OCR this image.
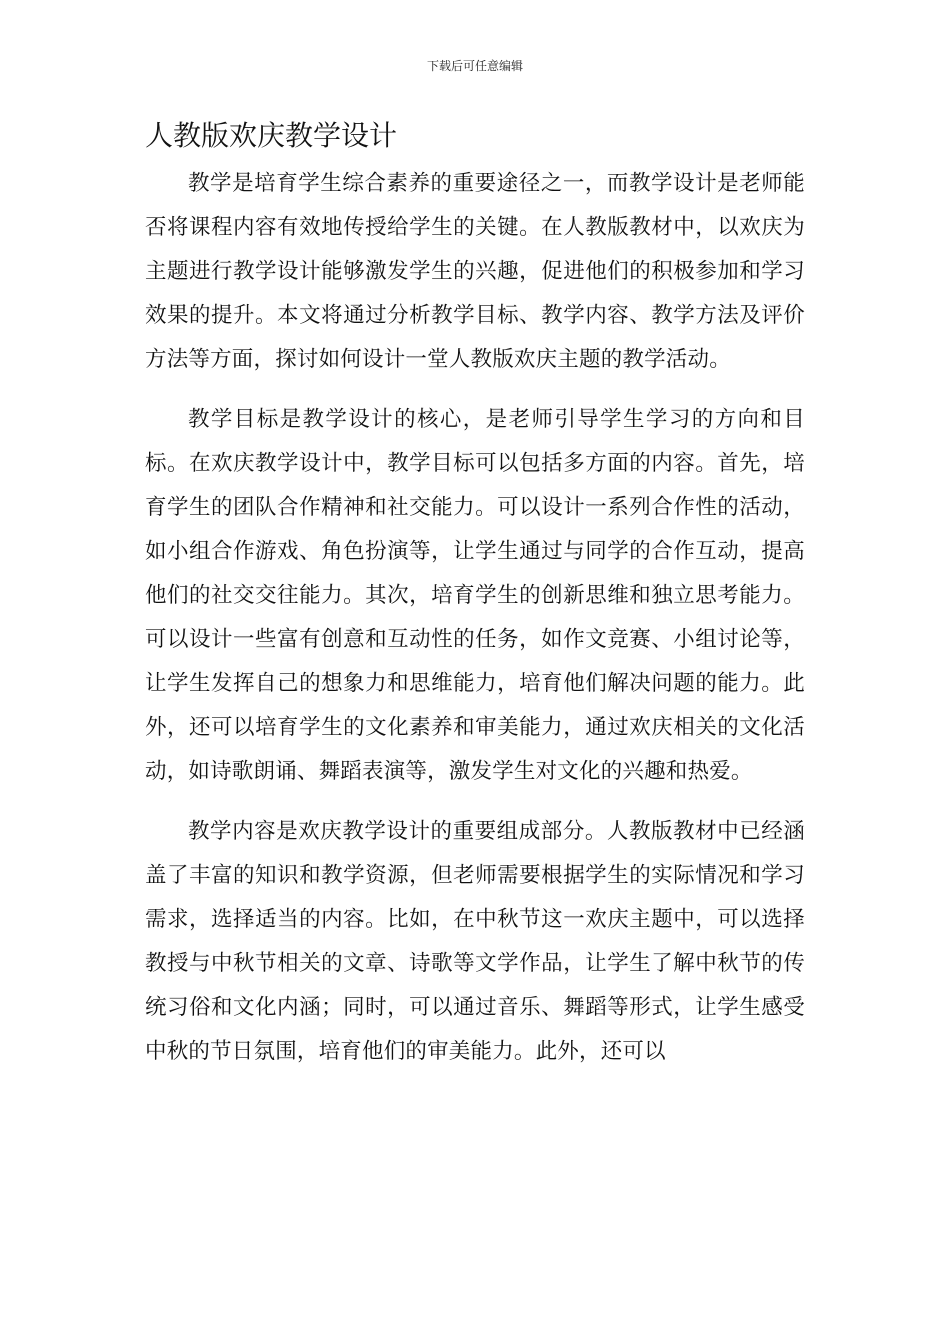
下载后可任意编辑
人教版欢庆教学设计

教学是培育学生综合素养的重要途径之一，而教学设计是老师能否将课程内容有效地传授给学生的关键。在人教版教材中，以欢庆为主题进行教学设计能够激发学生的兴趣，促进他们的积极参加和学习效果的提升。本文将通过分析教学目标、教学内容、教学方法及评价方法等方面，探讨如何设计一堂人教版欢庆主题的教学活动。

教学目标是教学设计的核心，是老师引导学生学习的方向和目标。在欢庆教学设计中，教学目标可以包括多方面的内容。首先，培育学生的团队合作精神和社交能力。可以设计一系列合作性的活动，如小组合作游戏、角色扮演等，让学生通过与同学的合作互动，提高他们的社交交往能力。其次，培育学生的创新思维和独立思考能力。可以设计一些富有创意和互动性的任务，如作文竞赛、小组讨论等，让学生发挥自己的想象力和思维能力，培育他们解决问题的能力。此外，还可以培育学生的文化素养和审美能力，通过欢庆相关的文化活动，如诗歌朗诵、舞蹈表演等，激发学生对文化的兴趣和热爱。

教学内容是欢庆教学设计的重要组成部分。人教版教材中已经涵盖了丰富的知识和教学资源，但老师需要根据学生的实际情况和学习需求，选择适当的内容。比如，在中秋节这一欢庆主题中，可以选择教授与中秋节相关的文章、诗歌等文学作品，让学生了解中秋节的传统习俗和文化内涵；同时，可以通过音乐、舞蹈等形式，让学生感受中秋的节日氛围，培育他们的审美能力。此外，还可以
